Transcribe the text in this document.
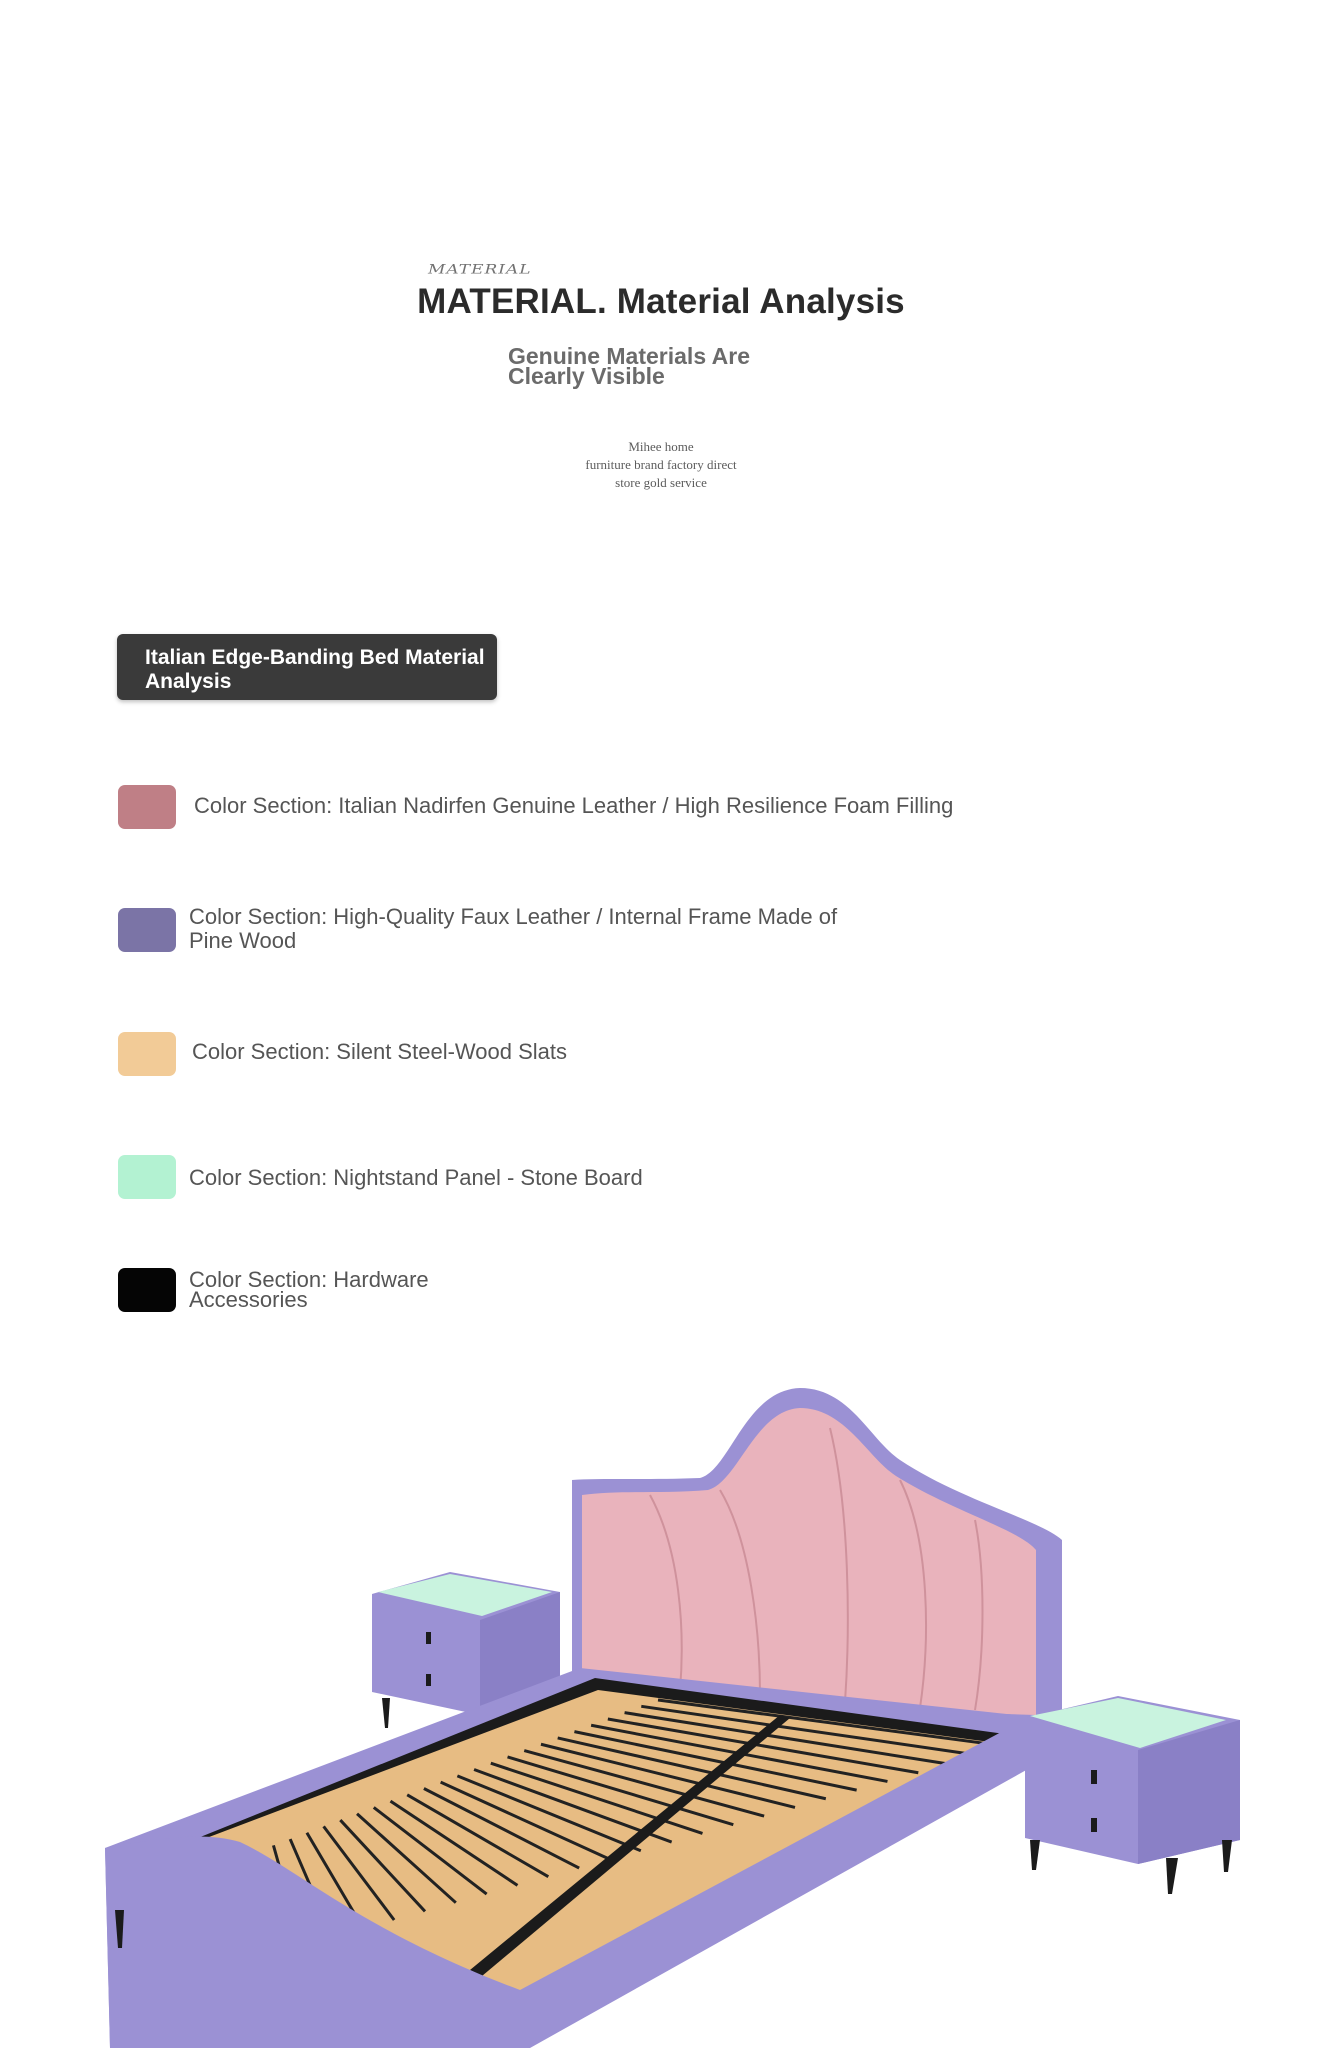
MATERIAL
MATERIAL. Material Analysis
Genuine Materials Are Clearly Visible
Mihee home
furniture brand factory direct
store gold service
Italian Edge-Banding Bed Material Analysis
Color Section: Italian Nadirfen Genuine Leather / High Resilience Foam Filling
Color Section: High-Quality Faux Leather / Internal Frame Made of Pine Wood
Color Section: Silent Steel-Wood Slats
Color Section: Nightstand Panel - Stone Board
Color Section: Hardware Accessories
